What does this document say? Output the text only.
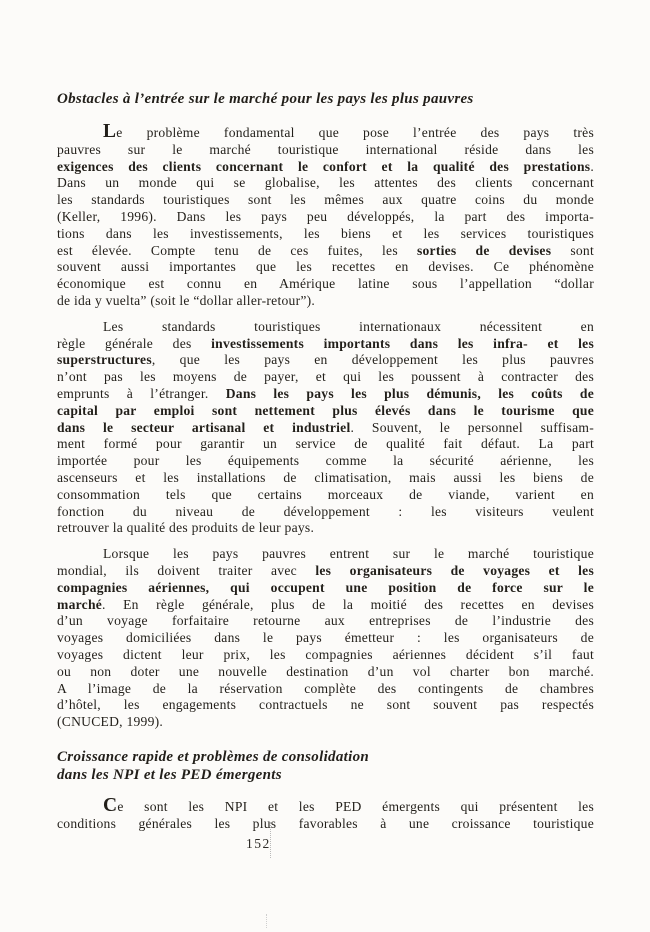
Obstacles à l’entrée sur le marché pour les pays les plus pauvres
Le problème fondamental que pose l’entrée des pays très
pauvres sur le marché touristique international réside dans les
exigences des clients concernant le confort et la qualité des prestations.
Dans un monde qui se globalise, les attentes des clients concernant
les standards touristiques sont les mêmes aux quatre coins du monde
(Keller, 1996). Dans les pays peu développés, la part des importa-
tions dans les investissements, les biens et les services touristiques
est élevée. Compte tenu de ces fuites, les sorties de devises sont
souvent aussi importantes que les recettes en devises. Ce phénomène
économique est connu en Amérique latine sous l’appellation “dollar
de ida y vuelta” (soit le “dollar aller-retour”).
Les standards touristiques internationaux nécessitent en
règle générale des investissements importants dans les infra- et les
superstructures, que les pays en développement les plus pauvres
n’ont pas les moyens de payer, et qui les poussent à contracter des
emprunts à l’étranger. Dans les pays les plus démunis, les coûts de
capital par emploi sont nettement plus élevés dans le tourisme que
dans le secteur artisanal et industriel. Souvent, le personnel suffisam-
ment formé pour garantir un service de qualité fait défaut. La part
importée pour les équipements comme la sécurité aérienne, les
ascenseurs et les installations de climatisation, mais aussi les biens de
consommation tels que certains morceaux de viande, varient en
fonction du niveau de développement : les visiteurs veulent
retrouver la qualité des produits de leur pays.
Lorsque les pays pauvres entrent sur le marché touristique
mondial, ils doivent traiter avec les organisateurs de voyages et les
compagnies aériennes, qui occupent une position de force sur le
marché. En règle générale, plus de la moitié des recettes en devises
d’un voyage forfaitaire retourne aux entreprises de l’industrie des
voyages domiciliées dans le pays émetteur : les organisateurs de
voyages dictent leur prix, les compagnies aériennes décident s’il faut
ou non doter une nouvelle destination d’un vol charter bon marché.
A l’image de la réservation complète des contingents de chambres
d’hôtel, les engagements contractuels ne sont souvent pas respectés
(CNUCED, 1999).
Croissance rapide et problèmes de consolidation
dans les NPI et les PED émergents
Ce sont les NPI et les PED émergents qui présentent les
conditions générales les plus favorables à une croissance touristique
152
